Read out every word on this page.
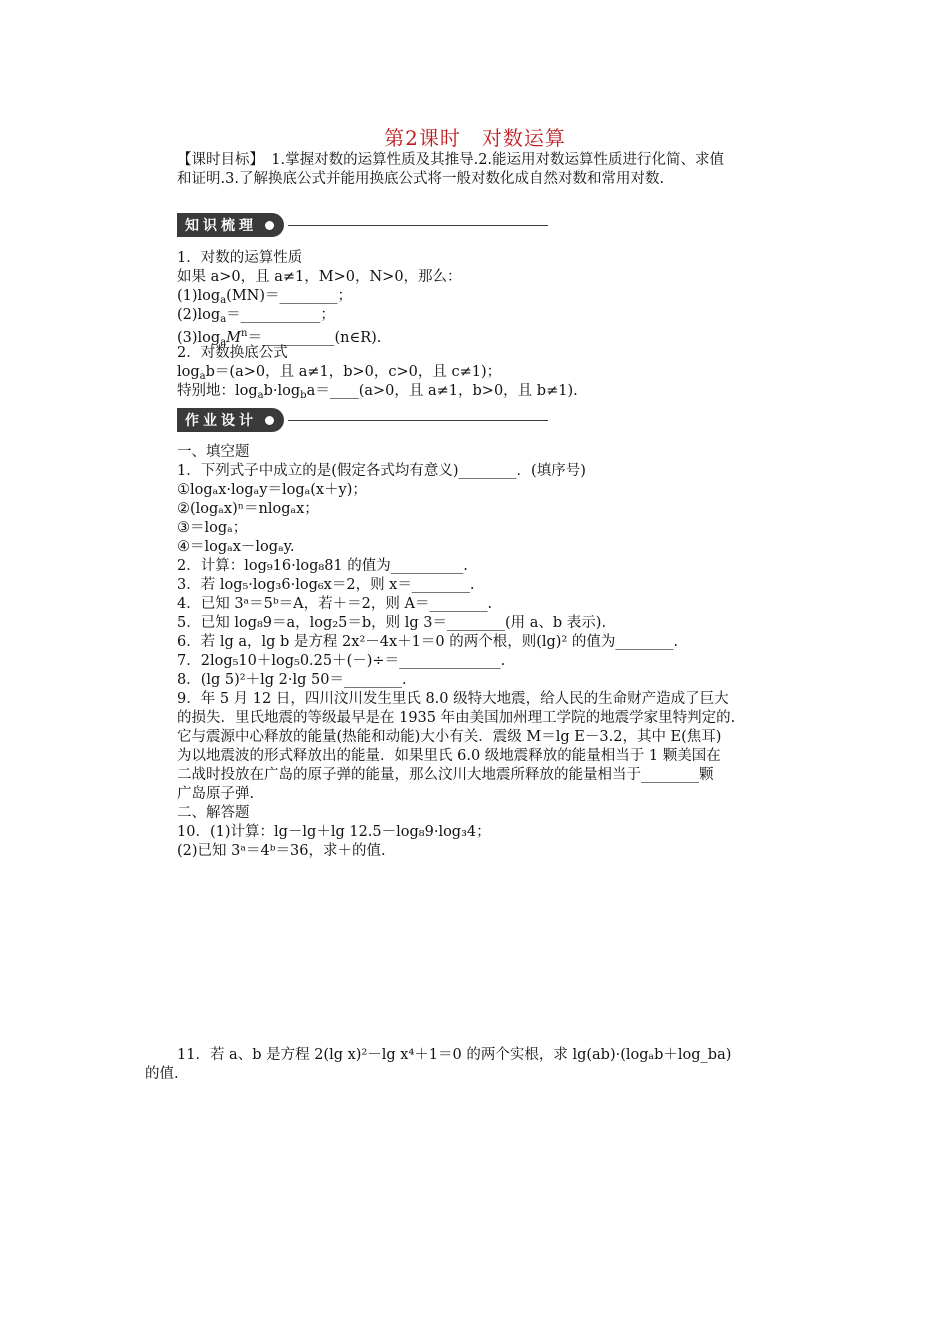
第2课时　对数运算
【课时目标】　1.掌握对数的运算性质及其推导.2.能运用对数运算性质进行化简、求值
和证明.3.了解换底公式并能用换底公式将一般对数化成自然对数和常用对数.
知识梳理
1．对数的运算性质
如果 a>0，且 a≠1，M>0，N>0，那么：
$(1)\log_a(MN)=\_\_\_\_\_\_\_\_$；
$(2)\log_a=\_\_\_\_\_\_\_\_\_\_\_$；
$(3)\log_aM^n=\_\_\_\_\_\_\_\_\_\_(n\in R)$.
2．对数换底公式
$\log_ab=(a>0$，且 a≠1，b>0，c>0，且 c≠1)；
特别地：$\log_ab\cdot\log_ba=\_\_\_\_(a>0$，且 a≠1，b>0，且 b≠1).
作业设计
一、填空题
1．下列式子中成立的是(假定各式均有意义)________．(填序号)
①logₐx·logₐy＝logₐ(x＋y)；
②(logₐx)ⁿ＝nlogₐx；
③＝logₐ；
④＝logₐx－logₐy.
2．计算：log₉16·log₈81 的值为__________.
3．若 log₅·log₃6·log₆x＝2，则 x＝________.
4．已知 3ᵃ＝5ᵇ＝A，若＋＝2，则 A＝________.
5．已知 log₈9＝a，log₂5＝b，则 lg 3＝________(用 a、b 表示).
6．若 lg a，lg b 是方程 2x²－4x＋1＝0 的两个根，则(lg)² 的值为________.
7．2log₅10＋log₅0.25＋(－)÷＝______________.
8．(lg 5)²＋lg 2·lg 50＝________.
9．年 5 月 12 日，四川汶川发生里氏 8.0 级特大地震，给人民的生命财产造成了巨大
的损失．里氏地震的等级最早是在 1935 年由美国加州理工学院的地震学家里特判定的.
它与震源中心释放的能量(热能和动能)大小有关．震级 M＝lg E－3.2，其中 E(焦耳)
为以地震波的形式释放出的能量．如果里氏 6.0 级地震释放的能量相当于 1 颗美国在
二战时投放在广岛的原子弹的能量，那么汶川大地震所释放的能量相当于________颗
广岛原子弹.
二、解答题
10．(1)计算：lg－lg＋lg 12.5－log₈9·log₃4；
(2)已知 3ᵃ＝4ᵇ＝36，求＋的值.
11．若 a、b 是方程 2(lg x)²－lg x⁴＋1＝0 的两个实根，求 lg(ab)·(logₐb＋log_ba)
的值.
